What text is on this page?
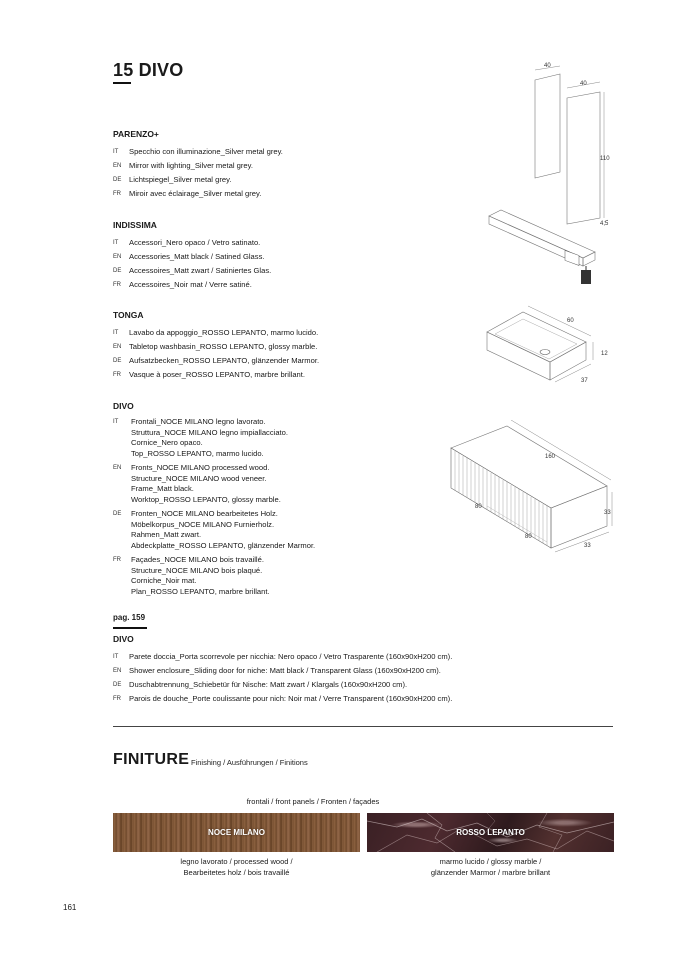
15 DIVO
PARENZO+
IT	Specchio con illuminazione_Silver metal grey.
EN	Mirror with lighting_Silver metal grey.
DE	Lichtspiegel_Silver metal grey.
FR	Miroir avec éclairage_Silver metal grey.
INDISSIMA
IT	Accessori_Nero opaco / Vetro satinato.
EN	Accessories_Matt black / Satined Glass.
DE	Accessoires_Matt zwart / Satiniertes Glas.
FR	Accessoires_Noir mat / Verre satiné.
TONGA
IT	Lavabo da appoggio_ROSSO LEPANTO, marmo lucido.
EN	Tabletop washbasin_ROSSO LEPANTO, glossy marble.
DE	Aufsatzbecken_ROSSO LEPANTO, glänzender Marmor.
FR	Vasque à poser_ROSSO LEPANTO, marbre brillant.
DIVO
IT	Frontali_NOCE MILANO legno lavorato.
Struttura_NOCE MILANO legno impiallacciato.
Cornice_Nero opaco.
Top_ROSSO LEPANTO, marmo lucido.
EN	Fronts_NOCE MILANO processed wood.
Structure_NOCE MILANO wood veneer.
Frame_Matt black.
Worktop_ROSSO LEPANTO, glossy marble.
DE	Fronten_NOCE MILANO bearbeitetes Holz.
Möbelkorpus_NOCE MILANO Furnierholz.
Rahmen_Matt zwart.
Abdeckplatte_ROSSO LEPANTO, glänzender Marmor.
FR	Façades_NOCE MILANO bois travaillé.
Structure_NOCE MILANO bois plaqué.
Corniche_Noir mat.
Plan_ROSSO LEPANTO, marbre brillant.
pag. 159
DIVO
IT	Parete doccia_Porta scorrevole per nicchia: Nero opaco / Vetro Trasparente (160x90xH200 cm).
EN	Shower enclosure_Sliding door for niche: Matt black / Transparent Glass (160x90xH200 cm).
DE	Duschabtrennung_Schiebetür für Nische: Matt zwart / Klargals (160x90xH200 cm).
FR	Parois de douche_Porte coulissante pour nich: Noir mat / Verre Transparent (160x90xH200 cm).
FINITURE Finishing / Ausführungen / Finitions
frontali / front panels / Fronten / façades
NOCE MILANO	ROSSO LEPANTO
legno lavorato / processed wood /
Bearbeitetes holz / bois travaillé
marmo lucido / glossy marble /
glänzender Marmor / marbre brillant
161
40
40
110
4,5
60
12
37
160
33
33
80
80
